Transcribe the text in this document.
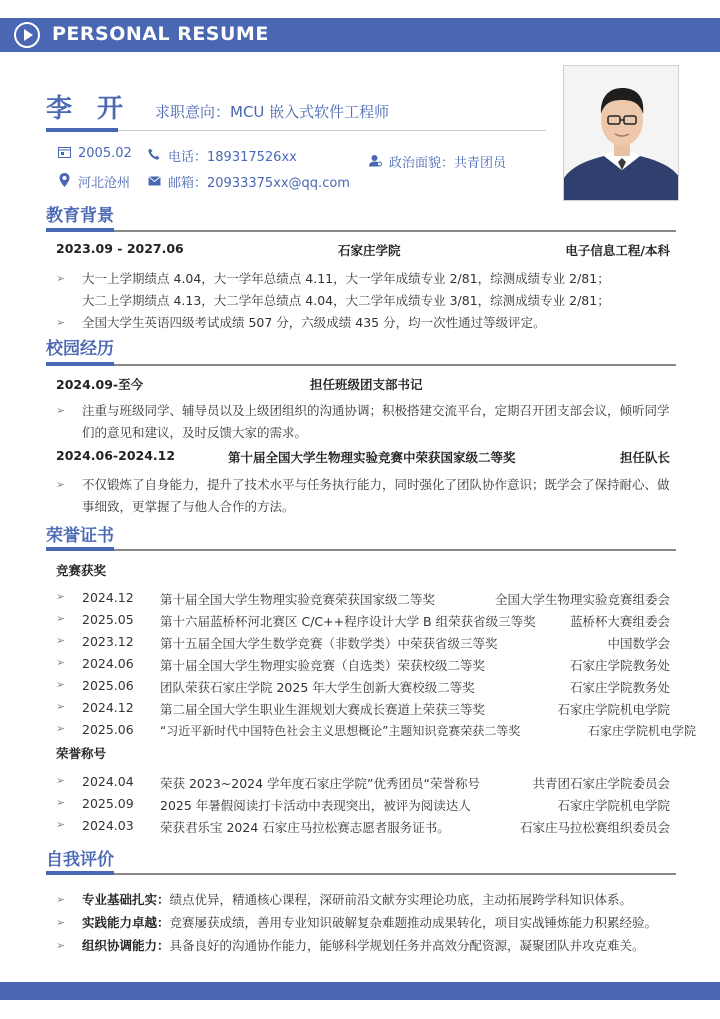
PERSONAL RESUME
李 开 求职意向：MCU 嵌入式软件工程师
2005.02
河北沧州
电话：189317526xx
邮箱：20933375xx@qq.com
政治面貌：共青团员
教育背景
2023.09 - 2027.06	石家庄学院	电子信息工程/本科
➢	大一上学期绩点 4.04，大一学年总绩点 4.11，大一学年成绩专业 2/81，综测成绩专业 2/81；大二上学期绩点 4.13，大二学年总绩点 4.04，大二学年成绩专业 3/81，综测成绩专业 2/81；
➢	全国大学生英语四级考试成绩 507 分，六级成绩 435 分，均一次性通过等级评定。
校园经历
2024.09-至今	担任班级团支部书记
➢	注重与班级同学、辅导员以及上级团组织的沟通协调；积极搭建交流平台，定期召开团支部会议，倾听同学们的意见和建议，及时反馈大家的需求。
2024.06-2024.12	第十届全国大学生物理实验竞赛中荣获国家级二等奖	担任队长
➢	不仅锻炼了自身能力，提升了技术水平与任务执行能力，同时强化了团队协作意识；既学会了保持耐心、做事细致，更掌握了与他人合作的方法。
荣誉证书
竞赛获奖
➢ 2024.12 第十届全国大学生物理实验竞赛荣获国家级二等奖	全国大学生物理实验竞赛组委会
➢ 2025.05 第十六届蓝桥杯河北赛区 C/C++程序设计大学 B 组荣获省级三等奖	蓝桥杯大赛组委会
➢ 2023.12 第十五届全国大学生数学竞赛（非数学类）中荣获省级三等奖	中国数学会
➢ 2024.06 第十届全国大学生物理实验竞赛（自选类）荣获校级二等奖	石家庄学院教务处
➢ 2025.06 团队荣获石家庄学院 2025 年大学生创新大赛校级二等奖	石家庄学院教务处
➢ 2024.12 第二届全国大学生职业生涯规划大赛成长赛道上荣获三等奖	石家庄学院机电学院
➢ 2025.06 “习近平新时代中国特色社会主义思想概论”主题知识竞赛荣获二等奖	石家庄学院机电学院
荣誉称号
➢ 2024.04 荣获 2023~2024 学年度石家庄学院”优秀团员“荣誉称号	共青团石家庄学院委员会
➢ 2025.09 2025 年暑假阅读打卡活动中表现突出，被评为阅读达人	石家庄学院机电学院
➢ 2024.03 荣获君乐宝 2024 石家庄马拉松赛志愿者服务证书。	石家庄马拉松赛组织委员会
自我评价
➢	专业基础扎实：绩点优异，精通核心课程，深研前沿文献夯实理论功底，主动拓展跨学科知识体系。
➢	实践能力卓越：竞赛屡获成绩，善用专业知识破解复杂难题推动成果转化，项目实战锤炼能力积累经验。
➢	组织协调能力：具备良好的沟通协作能力，能够科学规划任务并高效分配资源，凝聚团队并攻克难关。
